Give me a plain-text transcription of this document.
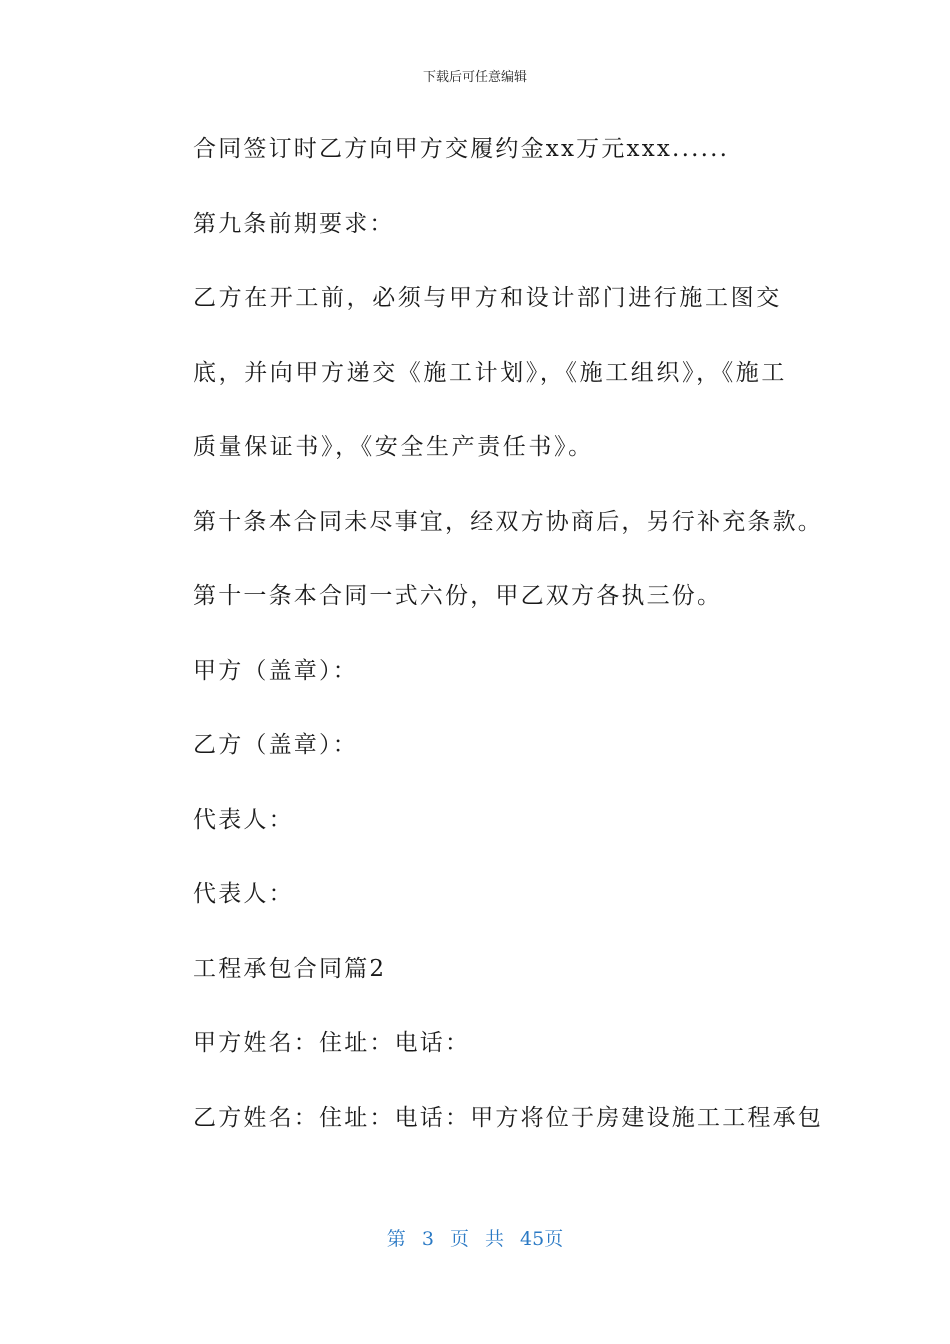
下载后可任意编辑

合同签订时乙方向甲方交履约金xx万元xxx......

第九条前期要求：

乙方在开工前，必须与甲方和设计部门进行施工图交底，并向甲方递交《施工计划》，《施工组织》，《施工质量保证书》，《安全生产责任书》。

第十条本合同未尽事宜，经双方协商后，另行补充条款。

第十一条本合同一式六份，甲乙双方各执三份。

甲方（盖章）：

乙方（盖章）：

代表人：

代表人：

工程承包合同篇2

甲方姓名：住址：电话：

乙方姓名：住址：电话：甲方将位于房建设施工工程承包

第 3 页 共 45页
